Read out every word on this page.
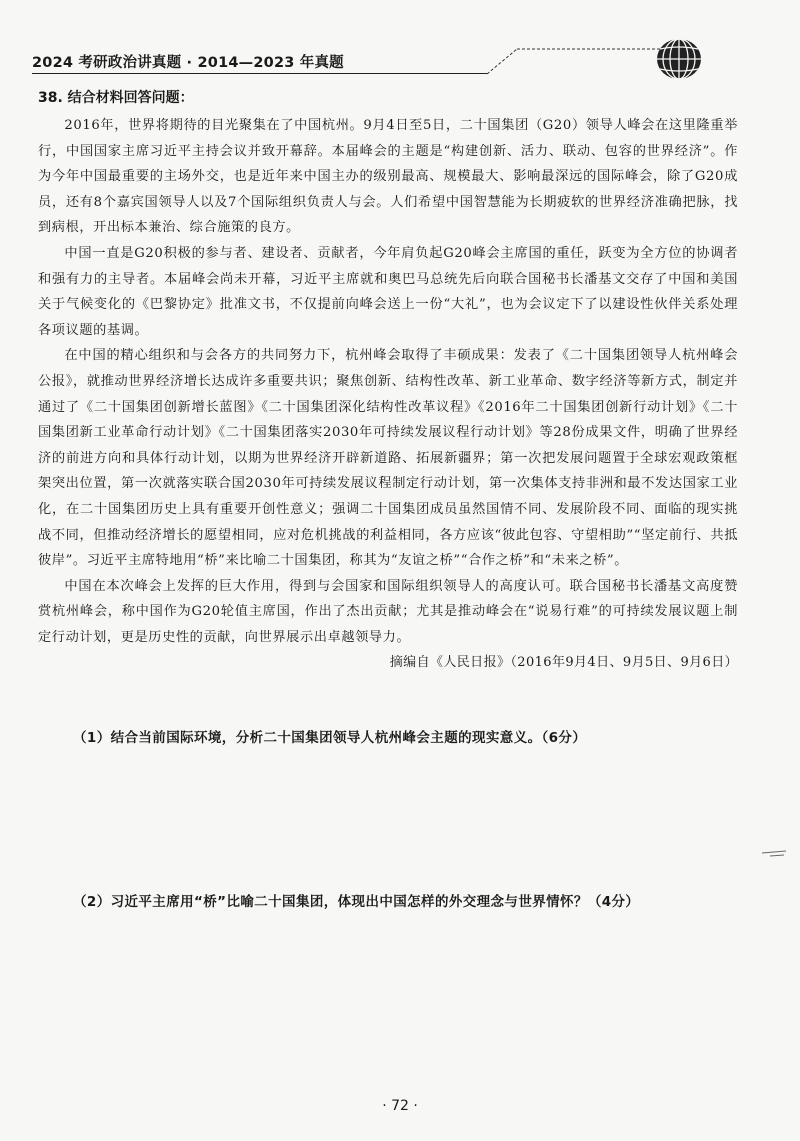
2024 考研政治讲真题 · 2014—2023 年真题

38. 结合材料回答问题：

2016年，世界将期待的目光聚集在了中国杭州。9月4日至5日，二十国集团（G20）领导人峰会在这里隆重举行，中国国家主席习近平主持会议并致开幕辞。本届峰会的主题是“构建创新、活力、联动、包容的世界经济”。作为今年中国最重要的主场外交，也是近年来中国主办的级别最高、规模最大、影响最深远的国际峰会，除了G20成员，还有8个嘉宾国领导人以及7个国际组织负责人与会。人们希望中国智慧能为长期疲软的世界经济准确把脉，找到病根，开出标本兼治、综合施策的良方。

中国一直是G20积极的参与者、建设者、贡献者，今年肩负起G20峰会主席国的重任，跃变为全方位的协调者和强有力的主导者。本届峰会尚未开幕，习近平主席就和奥巴马总统先后向联合国秘书长潘基文交存了中国和美国关于气候变化的《巴黎协定》批准文书，不仅提前向峰会送上一份“大礼”，也为会议定下了以建设性伙伴关系处理各项议题的基调。

在中国的精心组织和与会各方的共同努力下，杭州峰会取得了丰硕成果：发表了《二十国集团领导人杭州峰会公报》，就推动世界经济增长达成许多重要共识；聚焦创新、结构性改革、新工业革命、数字经济等新方式，制定并通过了《二十国集团创新增长蓝图》《二十国集团深化结构性改革议程》《2016年二十国集团创新行动计划》《二十国集团新工业革命行动计划》《二十国集团落实2030年可持续发展议程行动计划》等28份成果文件，明确了世界经济的前进方向和具体行动计划，以期为世界经济开辟新道路、拓展新疆界；第一次把发展问题置于全球宏观政策框架突出位置，第一次就落实联合国2030年可持续发展议程制定行动计划，第一次集体支持非洲和最不发达国家工业化，在二十国集团历史上具有重要开创性意义；强调二十国集团成员虽然国情不同、发展阶段不同、面临的现实挑战不同，但推动经济增长的愿望相同，应对危机挑战的利益相同，各方应该“彼此包容、守望相助”“坚定前行、共抵彼岸”。习近平主席特地用“桥”来比喻二十国集团，称其为“友谊之桥”“合作之桥”和“未来之桥”。

中国在本次峰会上发挥的巨大作用，得到与会国家和国际组织领导人的高度认可。联合国秘书长潘基文高度赞赏杭州峰会，称中国作为G20轮值主席国，作出了杰出贡献；尤其是推动峰会在“说易行难”的可持续发展议题上制定行动计划，更是历史性的贡献，向世界展示出卓越领导力。

摘编自《人民日报》（2016年9月4日、9月5日、9月6日）

（1）结合当前国际环境，分析二十国集团领导人杭州峰会主题的现实意义。（6分）

（2）习近平主席用“桥”比喻二十国集团，体现出中国怎样的外交理念与世界情怀？（4分）

· 72 ·
